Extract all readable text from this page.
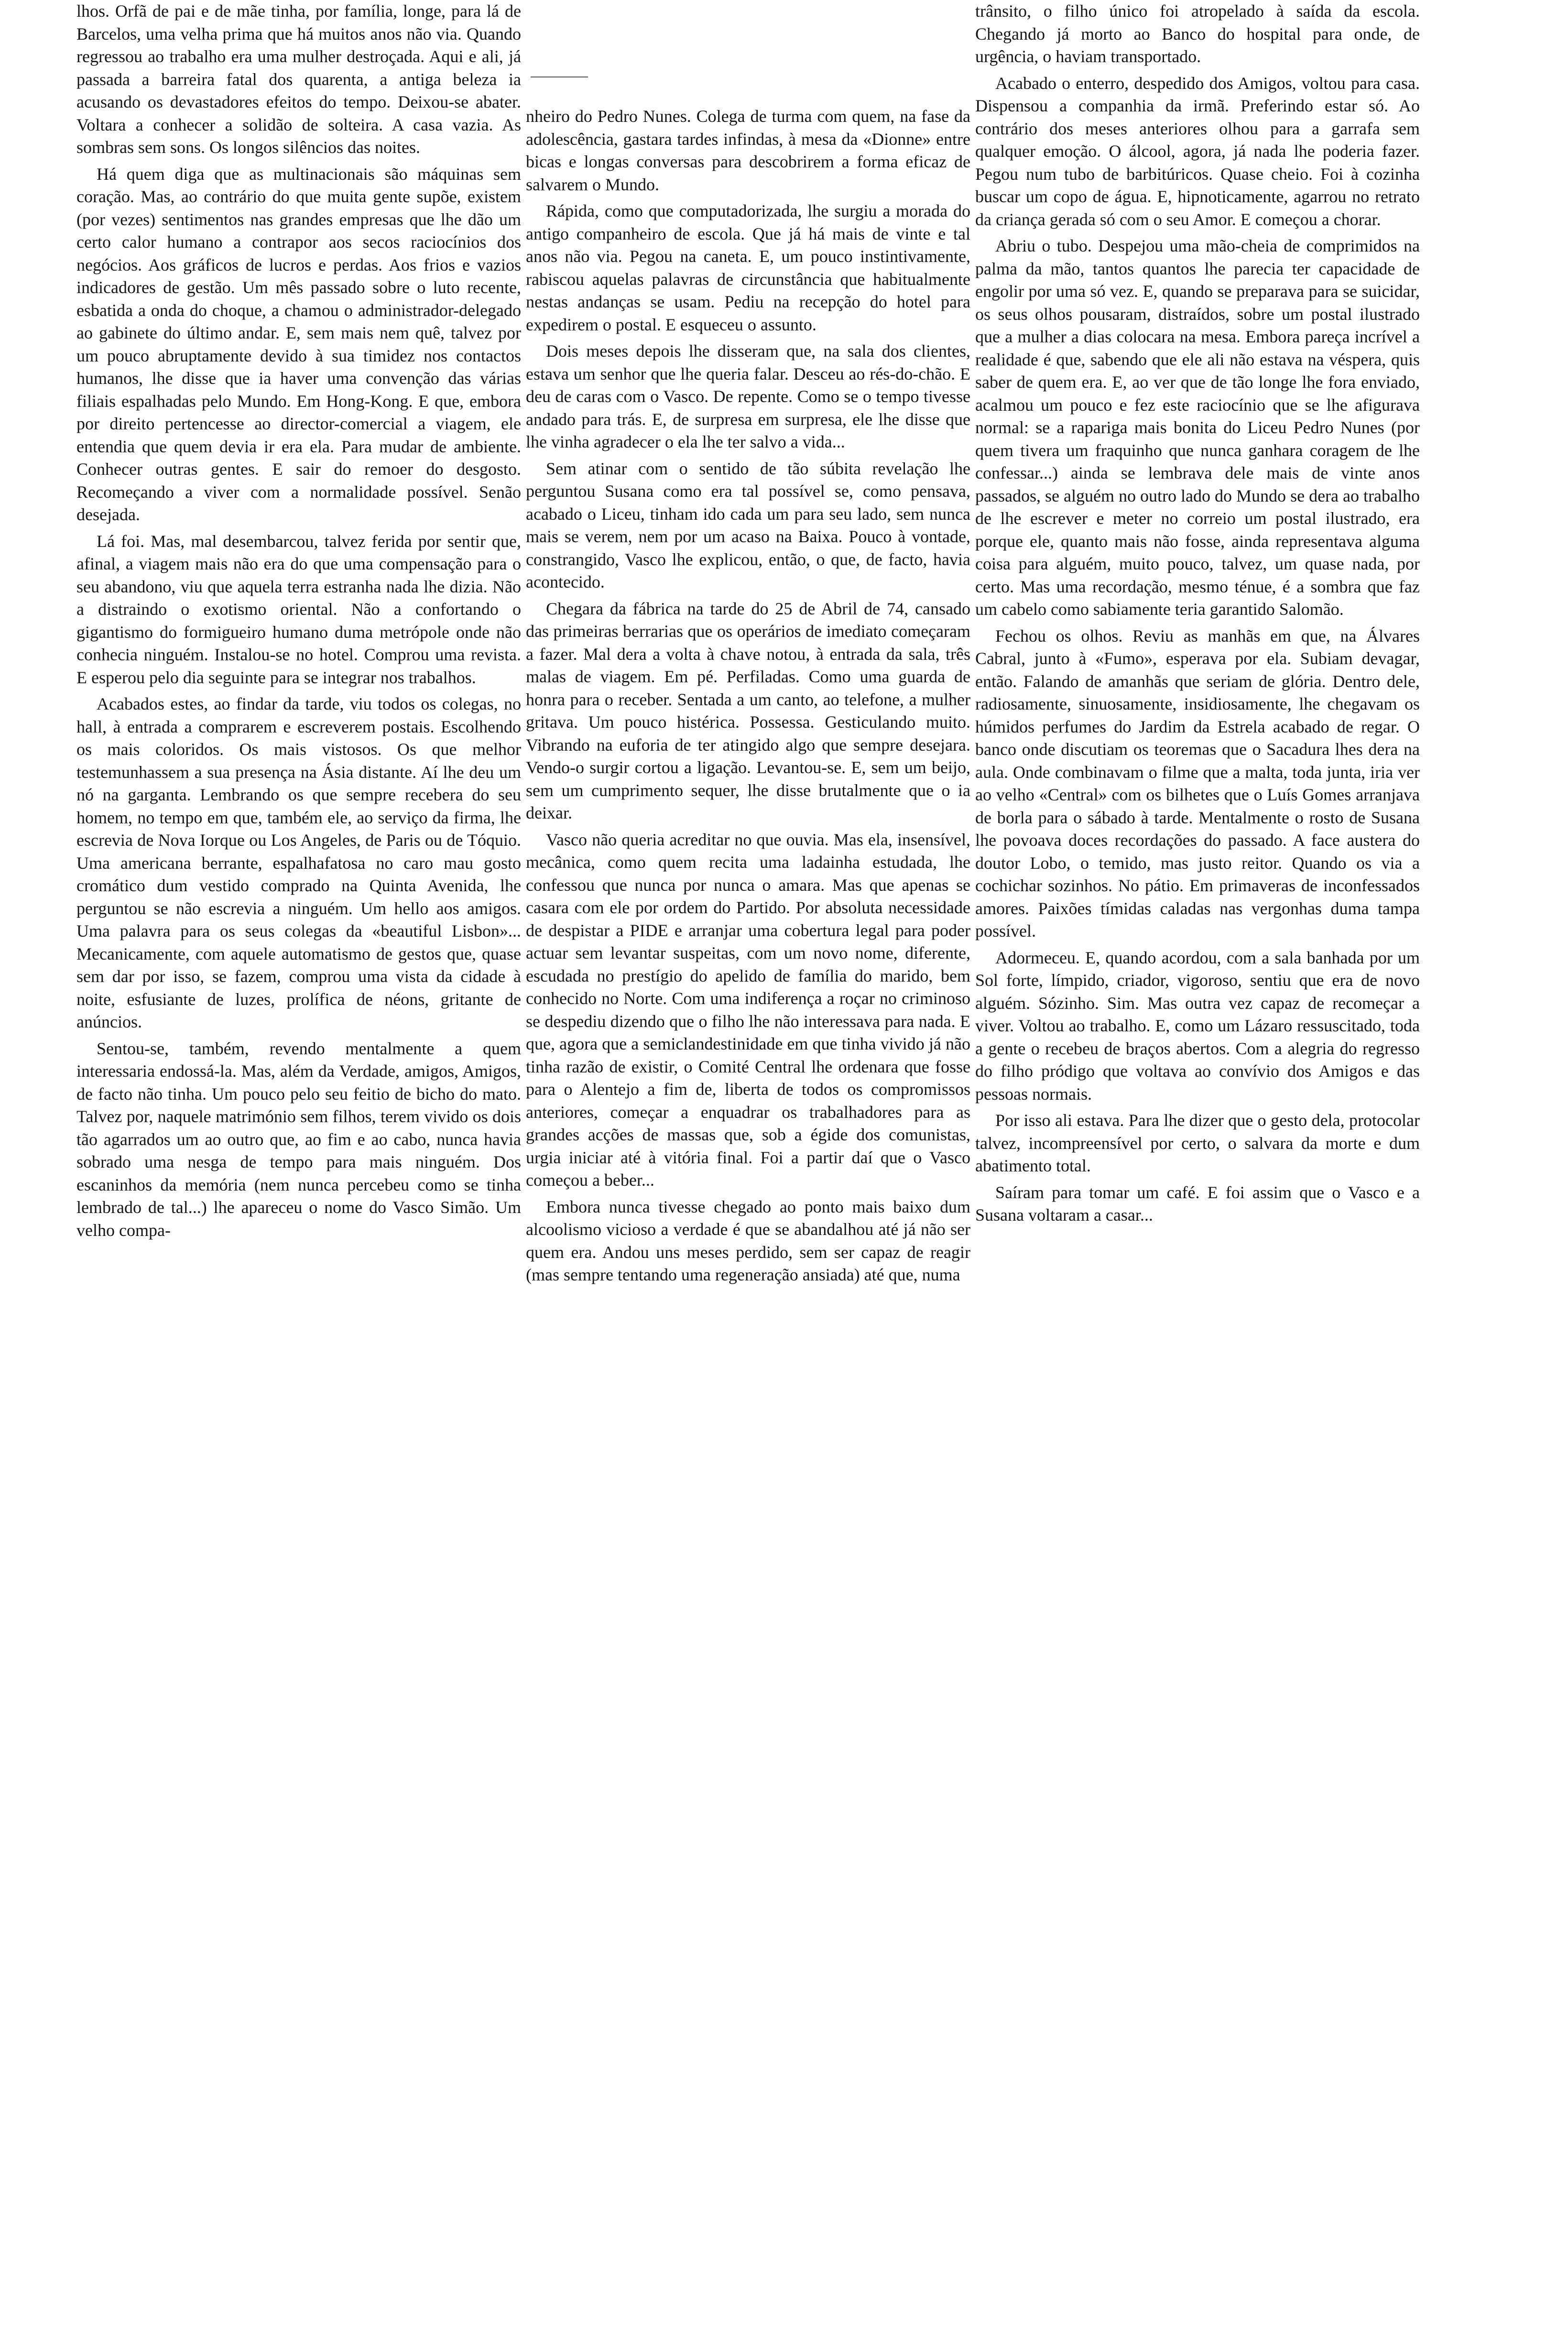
lhos. Orfã de pai e de mãe tinha, por família, longe, para lá de Barcelos, uma velha prima que há muitos anos não via. Quando regressou ao trabalho era uma mulher destroçada. Aqui e ali, já passada a barreira fatal dos quarenta, a antiga beleza ia acusando os devastadores efeitos do tempo. Deixou-se abater. Voltara a conhecer a solidão de solteira. A casa vazia. As sombras sem sons. Os longos silêncios das noites.

Há quem diga que as multinacionais são máquinas sem coração. Mas, ao contrário do que muita gente supõe, existem (por vezes) sentimentos nas grandes empresas que lhe dão um certo calor humano a contrapor aos secos raciocínios dos negócios. Aos gráficos de lucros e perdas. Aos frios e vazios indicadores de gestão. Um mês passado sobre o luto recente, esbatida a onda do choque, a chamou o administrador-delegado ao gabinete do último andar. E, sem mais nem quê, talvez por um pouco abruptamente devido à sua timidez nos contactos humanos, lhe disse que ia haver uma convenção das várias filiais espalhadas pelo Mundo. Em Hong-Kong. E que, embora por direito pertencesse ao director-comercial a viagem, ele entendia que quem devia ir era ela. Para mudar de ambiente. Conhecer outras gentes. E sair do remoer do desgosto. Recomeçando a viver com a normalidade possível. Senão desejada.

Lá foi. Mas, mal desembarcou, talvez ferida por sentir que, afinal, a viagem mais não era do que uma compensação para o seu abandono, viu que aquela terra estranha nada lhe dizia. Não a distraindo o exotismo oriental. Não a confortando o gigantismo do formigueiro humano duma metrópole onde não conhecia ninguém. Instalou-se no hotel. Comprou uma revista. E esperou pelo dia seguinte para se integrar nos trabalhos.

Acabados estes, ao findar da tarde, viu todos os colegas, no hall, à entrada a comprarem e escreverem postais. Escolhendo os mais coloridos. Os mais vistosos. Os que melhor testemunhassem a sua presença na Ásia distante. Aí lhe deu um nó na garganta. Lembrando os que sempre recebera do seu homem, no tempo em que, também ele, ao serviço da firma, lhe escrevia de Nova Iorque ou Los Angeles, de Paris ou de Tóquio. Uma americana berrante, espalhafatosa no caro mau gosto cromático dum vestido comprado na Quinta Avenida, lhe perguntou se não escrevia a ninguém. Um hello aos amigos. Uma palavra para os seus colegas da «beautiful Lisbon»... Mecanicamente, com aquele automatismo de gestos que, quase sem dar por isso, se fazem, comprou uma vista da cidade à noite, esfusiante de luzes, prolífica de néons, gritante de anúncios.

Sentou-se, também, revendo mentalmente a quem interessaria endossá-la. Mas, além da Verdade, amigos, Amigos, de facto não tinha. Um pouco pelo seu feitio de bicho do mato. Talvez por, naquele matrimónio sem filhos, terem vivido os dois tão agarrados um ao outro que, ao fim e ao cabo, nunca havia sobrado uma nesga de tempo para mais ninguém. Dos escaninhos da memória (nem nunca percebeu como se tinha lembrado de tal...) lhe apareceu o nome do Vasco Simão. Um velho compa-

nheiro do Pedro Nunes. Colega de turma com quem, na fase da adolescência, gastara tardes infindas, à mesa da «Dionne» entre bicas e longas conversas para descobrirem a forma eficaz de salvarem o Mundo.

Rápida, como que computadorizada, lhe surgiu a morada do antigo companheiro de escola. Que já há mais de vinte e tal anos não via. Pegou na caneta. E, um pouco instintivamente, rabiscou aquelas palavras de circunstância que habitualmente nestas andanças se usam. Pediu na recepção do hotel para expedirem o postal. E esqueceu o assunto.

Dois meses depois lhe disseram que, na sala dos clientes, estava um senhor que lhe queria falar. Desceu ao rés-do-chão. E deu de caras com o Vasco. De repente. Como se o tempo tivesse andado para trás. E, de surpresa em surpresa, ele lhe disse que lhe vinha agradecer o ela lhe ter salvo a vida...

Sem atinar com o sentido de tão súbita revelação lhe perguntou Susana como era tal possível se, como pensava, acabado o Liceu, tinham ido cada um para seu lado, sem nunca mais se verem, nem por um acaso na Baixa. Pouco à vontade, constrangido, Vasco lhe explicou, então, o que, de facto, havia acontecido.

Chegara da fábrica na tarde do 25 de Abril de 74, cansado das primeiras berrarias que os operários de imediato começaram a fazer. Mal dera a volta à chave notou, à entrada da sala, três malas de viagem. Em pé. Perfiladas. Como uma guarda de honra para o receber. Sentada a um canto, ao telefone, a mulher gritava. Um pouco histérica. Possessa. Gesticulando muito. Vibrando na euforia de ter atingido algo que sempre desejara. Vendo-o surgir cortou a ligação. Levantou-se. E, sem um beijo, sem um cumprimento sequer, lhe disse brutalmente que o ia deixar.

Vasco não queria acreditar no que ouvia. Mas ela, insensível, mecânica, como quem recita uma ladainha estudada, lhe confessou que nunca por nunca o amara. Mas que apenas se casara com ele por ordem do Partido. Por absoluta necessidade de despistar a PIDE e arranjar uma cobertura legal para poder actuar sem levantar suspeitas, com um novo nome, diferente, escudada no prestígio do apelido de família do marido, bem conhecido no Norte. Com uma indiferença a roçar no criminoso se despediu dizendo que o filho lhe não interessava para nada. E que, agora que a semiclandestinidade em que tinha vivido já não tinha razão de existir, o Comité Central lhe ordenara que fosse para o Alentejo a fim de, liberta de todos os compromissos anteriores, começar a enquadrar os trabalhadores para as grandes acções de massas que, sob a égide dos comunistas, urgia iniciar até à vitória final. Foi a partir daí que o Vasco começou a beber...

Embora nunca tivesse chegado ao ponto mais baixo dum alcoolismo vicioso a verdade é que se abandalhou até já não ser quem era. Andou uns meses perdido, sem ser capaz de reagir (mas sempre tentando uma regeneração ansiada) até que, numa

trânsito, o filho único foi atropelado à saída da escola. Chegando já morto ao Banco do hospital para onde, de urgência, o haviam transportado.

Acabado o enterro, despedido dos Amigos, voltou para casa. Dispensou a companhia da irmã. Preferindo estar só. Ao contrário dos meses anteriores olhou para a garrafa sem qualquer emoção. O álcool, agora, já nada lhe poderia fazer. Pegou num tubo de barbitúricos. Quase cheio. Foi à cozinha buscar um copo de água. E, hipnoticamente, agarrou no retrato da criança gerada só com o seu Amor. E começou a chorar.

Abriu o tubo. Despejou uma mão-cheia de comprimidos na palma da mão, tantos quantos lhe parecia ter capacidade de engolir por uma só vez. E, quando se preparava para se suicidar, os seus olhos pousaram, distraídos, sobre um postal ilustrado que a mulher a dias colocara na mesa. Embora pareça incrível a realidade é que, sabendo que ele ali não estava na véspera, quis saber de quem era. E, ao ver que de tão longe lhe fora enviado, acalmou um pouco e fez este raciocínio que se lhe afigurava normal: se a rapariga mais bonita do Liceu Pedro Nunes (por quem tivera um fraquinho que nunca ganhara coragem de lhe confessar...) ainda se lembrava dele mais de vinte anos passados, se alguém no outro lado do Mundo se dera ao trabalho de lhe escrever e meter no correio um postal ilustrado, era porque ele, quanto mais não fosse, ainda representava alguma coisa para alguém, muito pouco, talvez, um quase nada, por certo. Mas uma recordação, mesmo ténue, é a sombra que faz um cabelo como sabiamente teria garantido Salomão.

Fechou os olhos. Reviu as manhãs em que, na Álvares Cabral, junto à «Fumo», esperava por ela. Subiam devagar, então. Falando de amanhãs que seriam de glória. Dentro dele, radiosamente, sinuosamente, insidiosamente, lhe chegavam os húmidos perfumes do Jardim da Estrela acabado de regar. O banco onde discutiam os teoremas que o Sacadura lhes dera na aula. Onde combinavam o filme que a malta, toda junta, iria ver ao velho «Central» com os bilhetes que o Luís Gomes arranjava de borla para o sábado à tarde. Mentalmente o rosto de Susana lhe povoava doces recordações do passado. A face austera do doutor Lobo, o temido, mas justo reitor. Quando os via a cochichar sozinhos. No pátio. Em primaveras de inconfessados amores. Paixões tímidas caladas nas vergonhas duma tampa possível.

Adormeceu. E, quando acordou, com a sala banhada por um Sol forte, límpido, criador, vigoroso, sentiu que era de novo alguém. Sózinho. Sim. Mas outra vez capaz de recomeçar a viver. Voltou ao trabalho. E, como um Lázaro ressuscitado, toda a gente o recebeu de braços abertos. Com a alegria do regresso do filho pródigo que voltava ao convívio dos Amigos e das pessoas normais.

Por isso ali estava. Para lhe dizer que o gesto dela, protocolar talvez, incompreensível por certo, o salvara da morte e dum abatimento total.

Saíram para tomar um café. E foi assim que o Vasco e a Susana voltaram a casar...
